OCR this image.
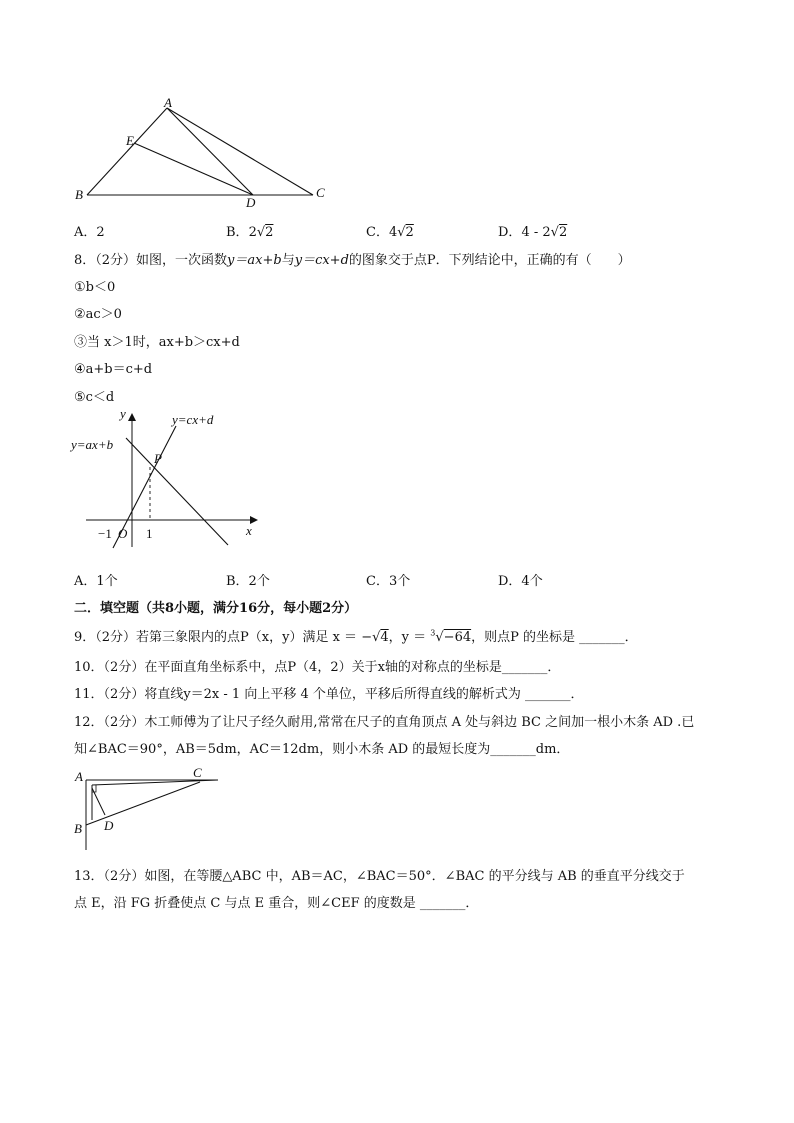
A
E
B
D
C
A．2	B．2√2	C．4√2	D．4 - 2√2
8．（2分）如图，一次函数y＝ax+b与y＝cx+d的图象交于点P．下列结论中，正确的有（　　）
①b＜0
②ac＞0
③当 x＞1时，ax+b＞cx+d
④a+b＝c+d
⑤c＜d
y
x
y=ax+b
y=cx+d
P
−1 O 1
A．1个	B．2个	C．3个	D．4个
二．填空题（共8小题，满分16分，每小题2分）
9．（2分）若第三象限内的点P（x，y）满足 x ＝ −√4，y ＝ $^3$√−64，则点P 的坐标是 _______．
10．（2分）在平面直角坐标系中，点P（4，2）关于x轴的对称点的坐标是_______．
11．（2分）将直线y＝2x - 1 向上平移 4 个单位，平移后所得直线的解析式为 _______．
12．（2分）木工师傅为了让尺子经久耐用,常常在尺子的直角顶点 A 处与斜边 BC 之间加一根小木条 AD .已
知∠BAC＝90°，AB＝5dm，AC＝12dm，则小木条 AD 的最短长度为_______dm．
A	C
B D
13．（2分）如图，在等腰△ABC 中，AB＝AC，∠BAC＝50°．∠BAC 的平分线与 AB 的垂直平分线交于
点 E，沿 FG 折叠使点 C 与点 E 重合，则∠CEF 的度数是 _______．
